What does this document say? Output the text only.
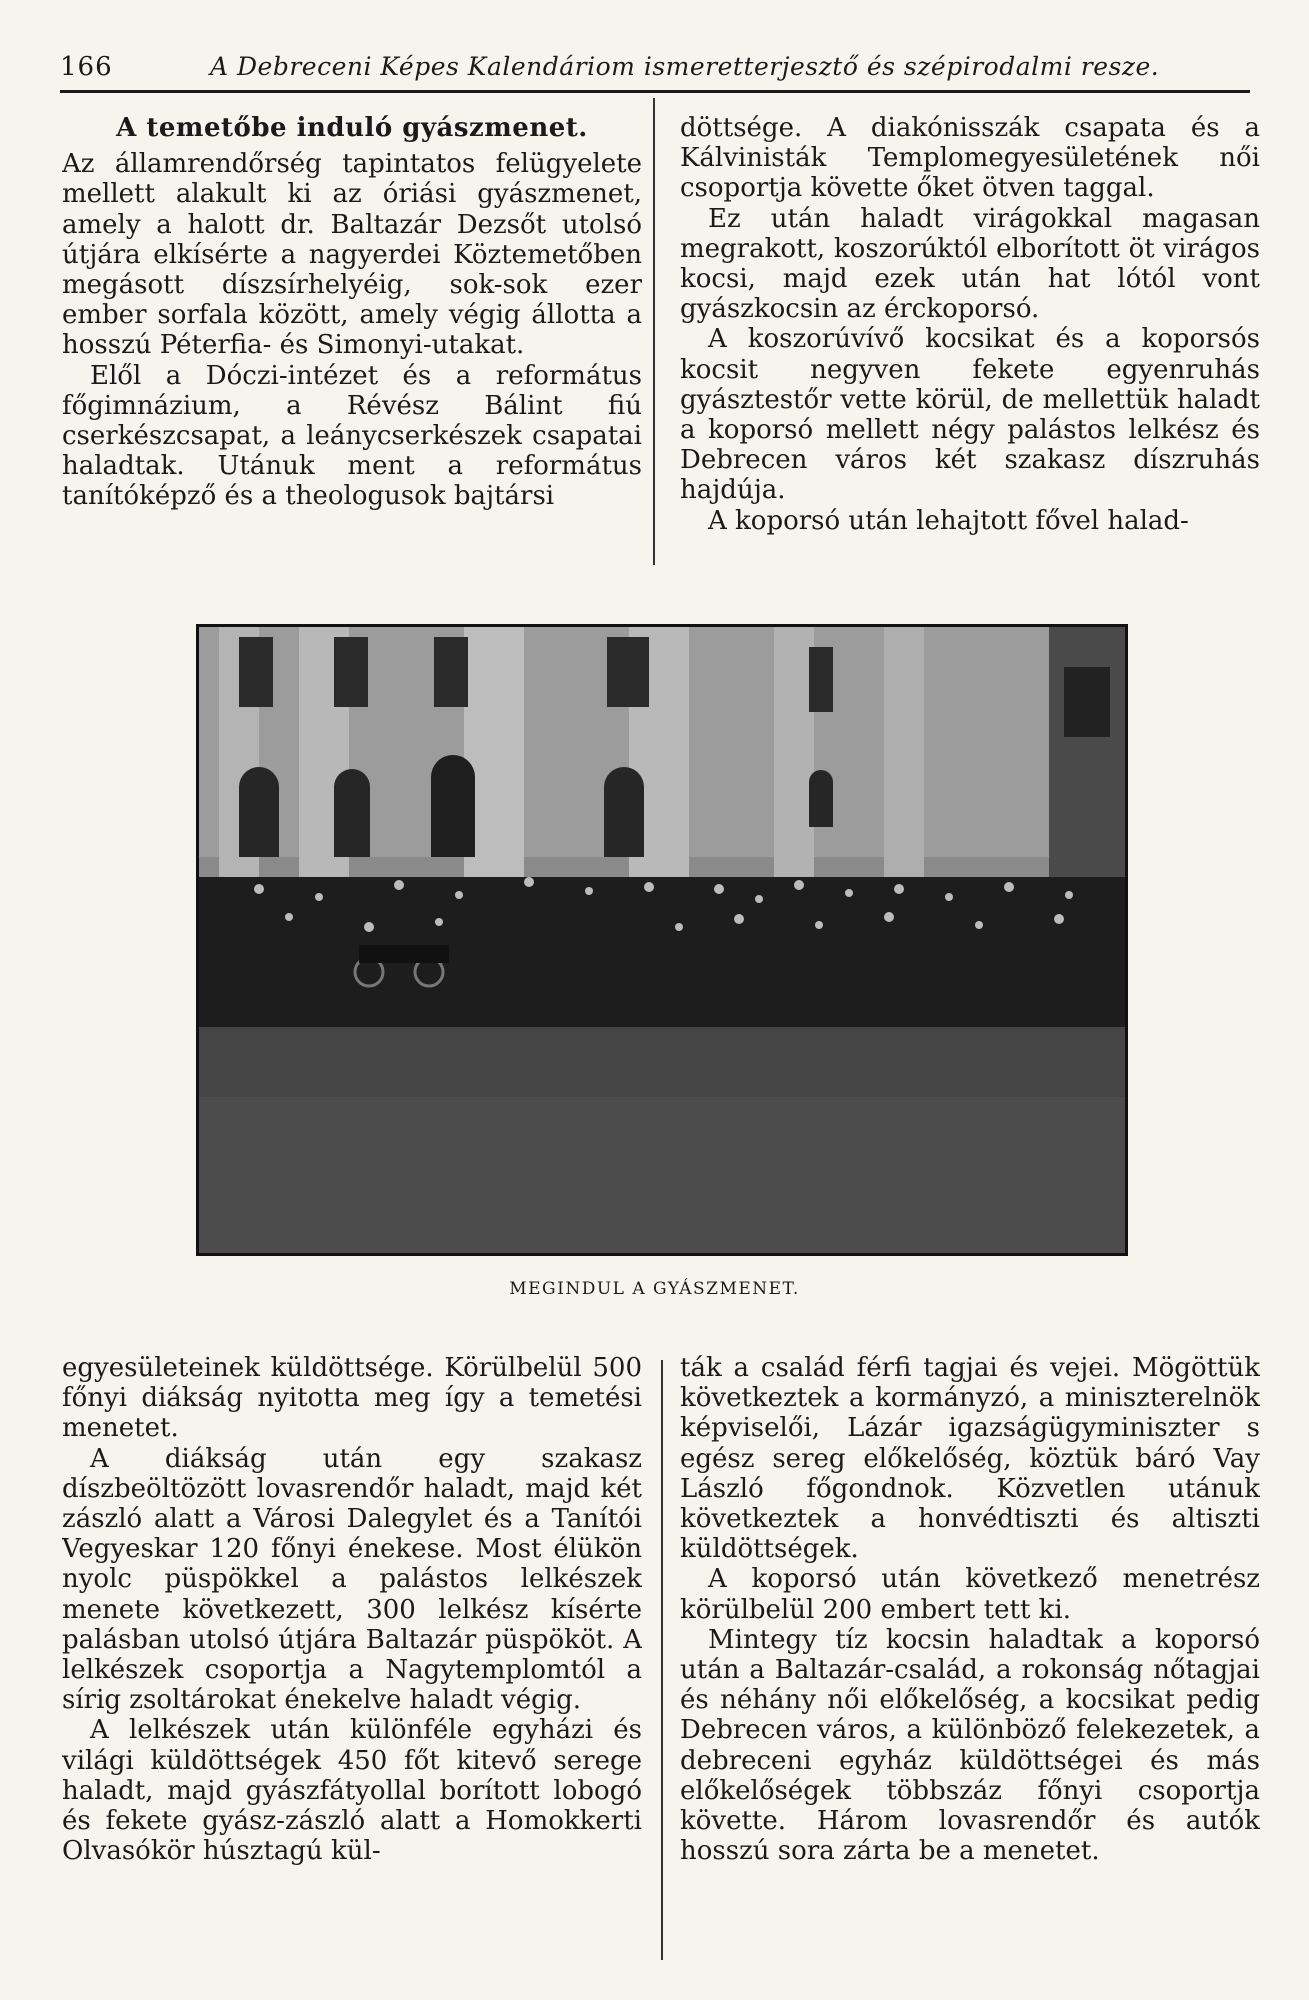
166	A Debreceni Képes Kalendáriom ismeretterjesztő és szépirodalmi resze.
A temetőbe induló gyászmenet.

Az államrendőrség tapintatos felügyelete mellett alakult ki az óriási gyászmenet, amely a halott dr. Baltazár Dezsőt utolsó útjára elkísérte a nagyerdei Köztemetőben megásott díszsírhelyéig, sok-sok ezer ember sorfala között, amely végig állotta a hosszú Péterfia- és Simonyi-utakat.

Elől a Dóczi-intézet és a református főgimnázium, a Révész Bálint fiú cserkészcsapat, a leánycserkészek csapatai haladtak. Utánuk ment a református tanítóképző és a theologusok bajtársi

döttsége. A diakónisszák csapata és a Kálvinisták Templomegyesületének női csoportja követte őket ötven taggal.

Ez után haladt virágokkal magasan megrakott, koszorúktól elborított öt virágos kocsi, majd ezek után hat lótól vont gyászkocsin az érckoporsó.

A koszorúvívő kocsikat és a koporsós kocsit negyven fekete egyenruhás gyásztestőr vette körül, de mellettük haladt a koporsó mellett négy palástos lelkész és Debrecen város két szakasz díszruhás hajdúja.

A koporsó után lehajtott fővel halad-

MEGINDUL A GYÁSZMENET.

egyesületeinek küldöttsége. Körülbelül 500 főnyi diákság nyitotta meg így a temetési menetet.

A diákság után egy szakasz díszbeöltözött lovasrendőr haladt, majd két zászló alatt a Városi Dalegylet és a Tanítói Vegyeskar 120 főnyi énekese. Most élükön nyolc püspökkel a palástos lelkészek menete következett, 300 lelkész kísérte palásban utolsó útjára Baltazár püspököt. A lelkészek csoportja a Nagytemplomtól a sírig zsoltárokat énekelve haladt végig.

A lelkészek után különféle egyházi és világi küldöttségek 450 főt kitevő serege haladt, majd gyászfátyollal borított lobogó és fekete gyász-zászló alatt a Homokkerti Olvasókör húsztagú kül-

ták a család férfi tagjai és vejei. Mögöttük következtek a kormányzó, a miniszterelnök képviselői, Lázár igazságügyminiszter s egész sereg előkelőség, köztük báró Vay László főgondnok. Közvetlen utánuk következtek a honvédtiszti és altiszti küldöttségek.

A koporsó után következő menetrész körülbelül 200 embert tett ki.

Mintegy tíz kocsin haladtak a koporsó után a Baltazár-család, a rokonság nőtagjai és néhány női előkelőség, a kocsikat pedig Debrecen város, a különböző felekezetek, a debreceni egyház küldöttségei és más előkelőségek többszáz főnyi csoportja követte. Három lovasrendőr és autók hosszú sora zárta be a menetet.
